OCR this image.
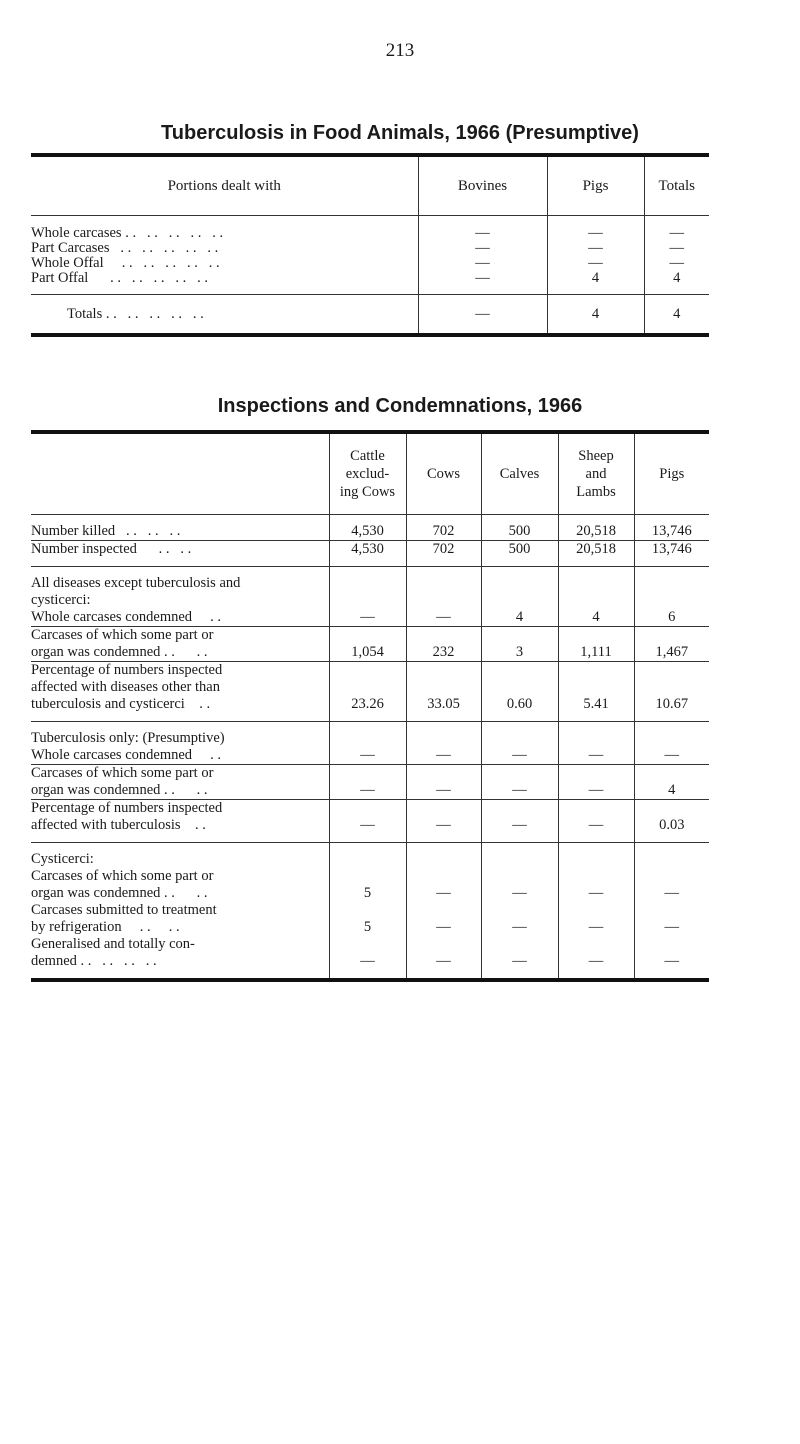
213
Tuberculosis in Food Animals, 1966 (Presumptive)
Portions dealt with	Bovines	Pigs	Totals
Whole carcases . .   . .   . .   . .   . .	—	—	—
Part Carcases   . .   . .   . .   . .   . .	—	—	—
Whole Offal     . .   . .   . .   . .   . .	—	—	—
Part Offal      . .   . .   . .   . .   . .	—	4	4
Totals . .   . .   . .   . .   . .	—	4	4
Inspections and Condemnations, 1966
	Cattle
exclud-
ing Cows	Cows	Calves	Sheep
and
Lambs	Pigs
Number killed   . .   . .   . .	4,530	702	500	20,518	13,746
Number inspected      . .   . .	4,530	702	500	20,518	13,746
All diseases except tuberculosis and
cysticerci:
Whole carcases condemned     . .	—	—	4	4	6
Carcases of which some part or
organ was condemned . .      . .	1,054	232	3	1,111	1,467
Percentage of numbers inspected
affected with diseases other than
tuberculosis and cysticerci    . .	23.26	33.05	0.60	5.41	10.67
Tuberculosis only: (Presumptive)
Whole carcases condemned     . .	—	—	—	—	—
Carcases of which some part or
organ was condemned . .      . .	—	—	—	—	4
Percentage of numbers inspected
affected with tuberculosis    . .	—	—	—	—	0.03
Cysticerci:
Carcases of which some part or
organ was condemned . .      . .	5	—	—	—	—
Carcases submitted to treatment
by refrigeration     . .     . .	5	—	—	—	—
Generalised and totally con-
demned . .   . .   . .   . .	—	—	—	—	—
